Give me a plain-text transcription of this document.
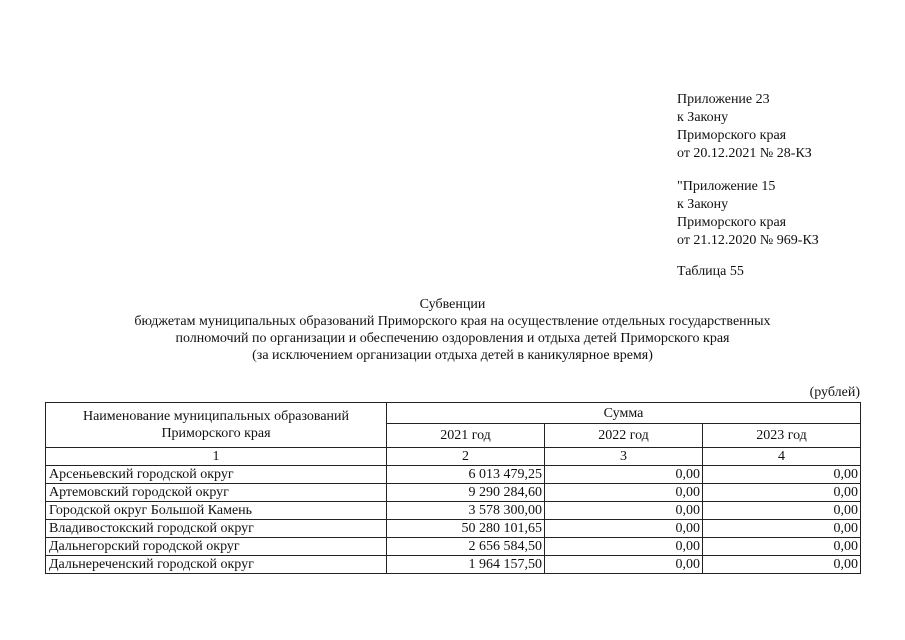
Приложение 23
к Закону
Приморского края
от 20.12.2021 № 28-КЗ
"Приложение 15
к Закону
Приморского края
от 21.12.2020 № 969-КЗ
Таблица 55
Субвенции
бюджетам муниципальных образований Приморского края на осуществление отдельных государственных
полномочий по организации и обеспечению оздоровления и отдыха детей Приморского края
(за исключением организации отдыха детей в каникулярное время)
(рублей)
Наименование муниципальных образований Приморского края	Сумма		
	2021 год	2022 год	2023 год
1	2	3	4
Арсеньевский городской округ	6 013 479,25	0,00	0,00
Артемовский городской округ	9 290 284,60	0,00	0,00
Городской округ Большой Камень	3 578 300,00	0,00	0,00
Владивостокский городской округ	50 280 101,65	0,00	0,00
Дальнегорский городской округ	2 656 584,50	0,00	0,00
Дальнереченский городской округ	1 964 157,50	0,00	0,00
